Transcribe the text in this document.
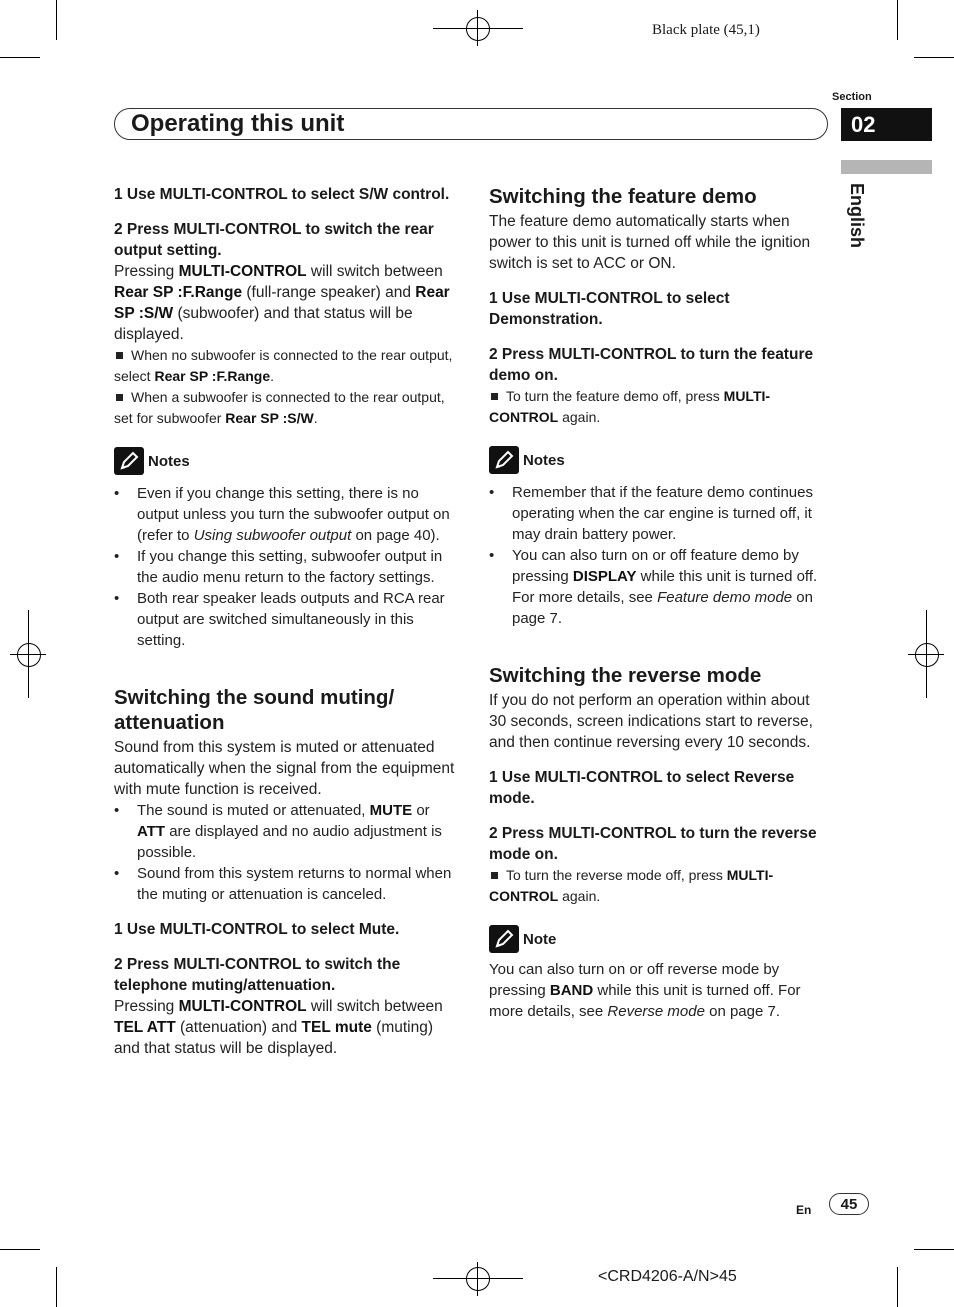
Black plate (45,1)
Operating this unit
Section
02
English

1 Use MULTI-CONTROL to select S/W control.

2 Press MULTI-CONTROL to switch the rear output setting.

Pressing MULTI-CONTROL will switch between Rear SP :F.Range (full-range speaker) and Rear SP :S/W (subwoofer) and that status will be displayed.

When no subwoofer is connected to the rear output, select Rear SP :F.Range.

When a subwoofer is connected to the rear output, set for subwoofer Rear SP :S/W.

Notes
• Even if you change this setting, there is no output unless you turn the subwoofer output on (refer to Using subwoofer output on page 40).
• If you change this setting, subwoofer output in the audio menu return to the factory settings.
• Both rear speaker leads outputs and RCA rear output are switched simultaneously in this setting.

Switching the sound muting/ attenuation

Sound from this system is muted or attenuated automatically when the signal from the equipment with mute function is received.

• The sound is muted or attenuated, MUTE or ATT are displayed and no audio adjustment is possible.
• Sound from this system returns to normal when the muting or attenuation is canceled.

1 Use MULTI-CONTROL to select Mute.

2 Press MULTI-CONTROL to switch the telephone muting/attenuation.

Pressing MULTI-CONTROL will switch between TEL ATT (attenuation) and TEL mute (muting) and that status will be displayed.

Switching the feature demo

The feature demo automatically starts when power to this unit is turned off while the ignition switch is set to ACC or ON.

1 Use MULTI-CONTROL to select Demonstration.

2 Press MULTI-CONTROL to turn the feature demo on.

To turn the feature demo off, press MULTI-CONTROL again.

Notes
• Remember that if the feature demo continues operating when the car engine is turned off, it may drain battery power.
• You can also turn on or off feature demo by pressing DISPLAY while this unit is turned off. For more details, see Feature demo mode on page 7.

Switching the reverse mode

If you do not perform an operation within about 30 seconds, screen indications start to reverse, and then continue reversing every 10 seconds.

1 Use MULTI-CONTROL to select Reverse mode.

2 Press MULTI-CONTROL to turn the reverse mode on.

To turn the reverse mode off, press MULTI-CONTROL again.

Note

You can also turn on or off reverse mode by pressing BAND while this unit is turned off. For more details, see Reverse mode on page 7.

En	45
<CRD4206-A/N>45
